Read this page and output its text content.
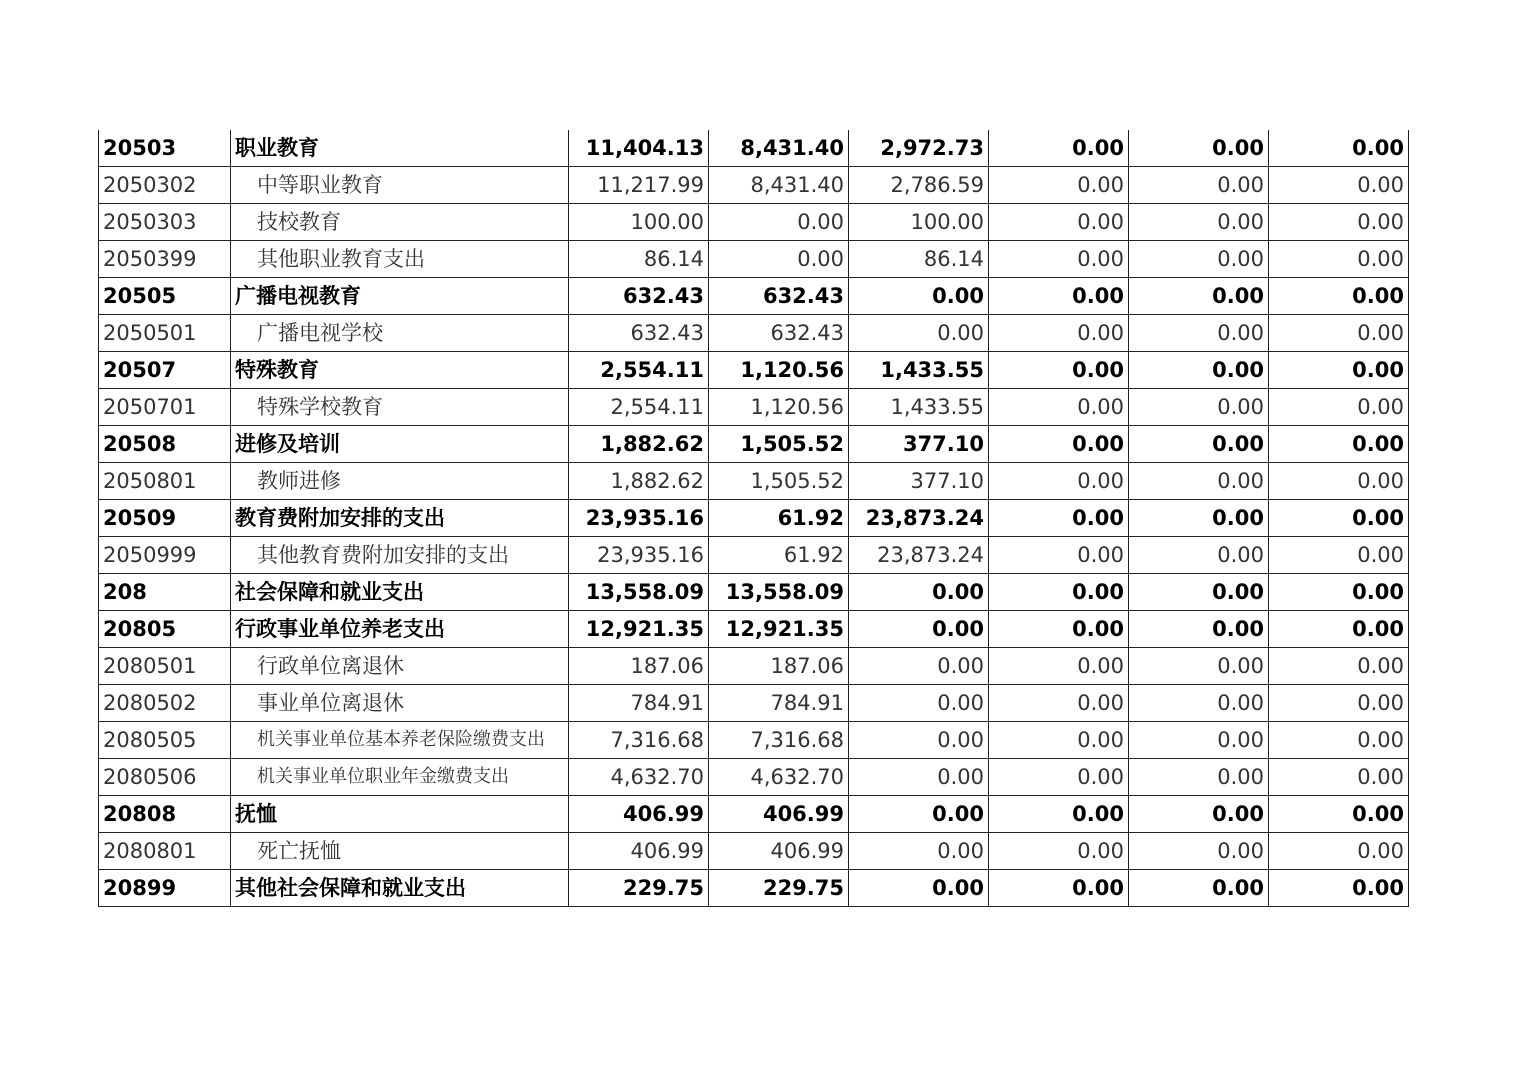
20503	职业教育	11,404.13	8,431.40	2,972.73	0.00	0.00	0.00
2050302	中等职业教育	11,217.99	8,431.40	2,786.59	0.00	0.00	0.00
2050303	技校教育	100.00	0.00	100.00	0.00	0.00	0.00
2050399	其他职业教育支出	86.14	0.00	86.14	0.00	0.00	0.00
20505	广播电视教育	632.43	632.43	0.00	0.00	0.00	0.00
2050501	广播电视学校	632.43	632.43	0.00	0.00	0.00	0.00
20507	特殊教育	2,554.11	1,120.56	1,433.55	0.00	0.00	0.00
2050701	特殊学校教育	2,554.11	1,120.56	1,433.55	0.00	0.00	0.00
20508	进修及培训	1,882.62	1,505.52	377.10	0.00	0.00	0.00
2050801	教师进修	1,882.62	1,505.52	377.10	0.00	0.00	0.00
20509	教育费附加安排的支出	23,935.16	61.92	23,873.24	0.00	0.00	0.00
2050999	其他教育费附加安排的支出	23,935.16	61.92	23,873.24	0.00	0.00	0.00
208	社会保障和就业支出	13,558.09	13,558.09	0.00	0.00	0.00	0.00
20805	行政事业单位养老支出	12,921.35	12,921.35	0.00	0.00	0.00	0.00
2080501	行政单位离退休	187.06	187.06	0.00	0.00	0.00	0.00
2080502	事业单位离退休	784.91	784.91	0.00	0.00	0.00	0.00
2080505	机关事业单位基本养老保险缴费支出	7,316.68	7,316.68	0.00	0.00	0.00	0.00
2080506	机关事业单位职业年金缴费支出	4,632.70	4,632.70	0.00	0.00	0.00	0.00
20808	抚恤	406.99	406.99	0.00	0.00	0.00	0.00
2080801	死亡抚恤	406.99	406.99	0.00	0.00	0.00	0.00
20899	其他社会保障和就业支出	229.75	229.75	0.00	0.00	0.00	0.00
